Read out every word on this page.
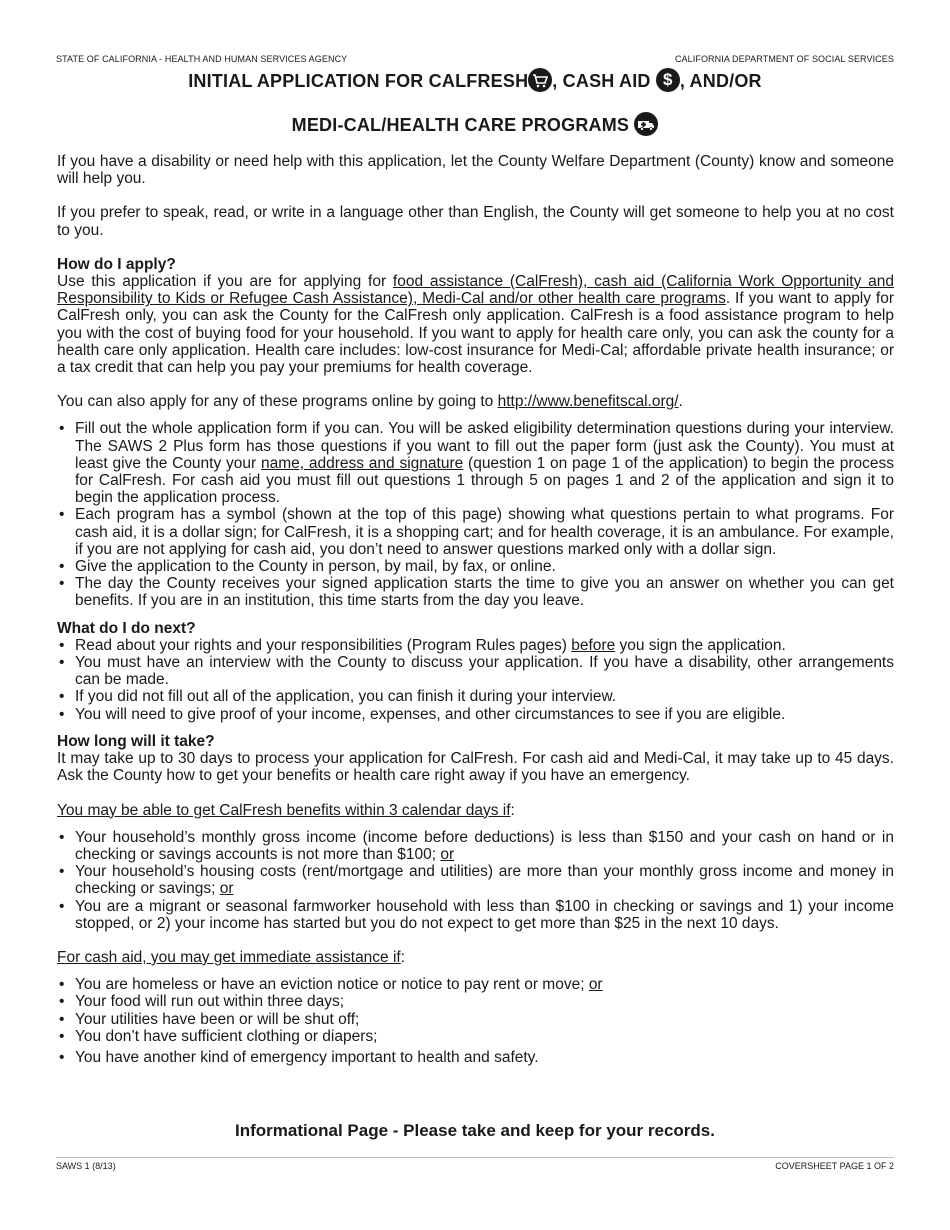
STATE OF CALIFORNIA - HEALTH AND HUMAN SERVICES AGENCY	CALIFORNIA DEPARTMENT OF SOCIAL SERVICES
INITIAL APPLICATION FOR CALFRESH , CASH AID $ , AND/OR
MEDI-CAL/HEALTH CARE PROGRAMS

If you have a disability or need help with this application, let the County Welfare Department (County) know and someone will help you.

If you prefer to speak, read, or write in a language other than English, the County will get someone to help you at no cost to you.

How do I apply?

Use this application if you are for applying for food assistance (CalFresh), cash aid (California Work Opportunity and Responsibility to Kids or Refugee Cash Assistance), Medi-Cal and/or other health care programs. If you want to apply for CalFresh only, you can ask the County for the CalFresh only application. CalFresh is a food assistance program to help you with the cost of buying food for your household. If you want to apply for health care only, you can ask the county for a health care only application. Health care includes: low-cost insurance for Medi-Cal; affordable private health insurance; or a tax credit that can help you pay your premiums for health coverage.

You can also apply for any of these programs online by going to http://www.benefitscal.org/.

• Fill out the whole application form if you can. You will be asked eligibility determination questions during your interview. The SAWS 2 Plus form has those questions if you want to fill out the paper form (just ask the County). You must at least give the County your name, address and signature (question 1 on page 1 of the application) to begin the process for CalFresh. For cash aid you must fill out questions 1 through 5 on pages 1 and 2 of the application and sign it to begin the application process.
• Each program has a symbol (shown at the top of this page) showing what questions pertain to what programs. For cash aid, it is a dollar sign; for CalFresh, it is a shopping cart; and for health coverage, it is an ambulance. For example, if you are not applying for cash aid, you don’t need to answer questions marked only with a dollar sign.
• Give the application to the County in person, by mail, by fax, or online.
• The day the County receives your signed application starts the time to give you an answer on whether you can get benefits. If you are in an institution, this time starts from the day you leave.

What do I do next?

• Read about your rights and your responsibilities (Program Rules pages) before you sign the application.
• You must have an interview with the County to discuss your application. If you have a disability, other arrangements can be made.
• If you did not fill out all of the application, you can finish it during your interview.
• You will need to give proof of your income, expenses, and other circumstances to see if you are eligible.

How long will it take?

It may take up to 30 days to process your application for CalFresh. For cash aid and Medi-Cal, it may take up to 45 days. Ask the County how to get your benefits or health care right away if you have an emergency.

You may be able to get CalFresh benefits within 3 calendar days if:

• Your household’s monthly gross income (income before deductions) is less than $150 and your cash on hand or in checking or savings accounts is not more than $100; or
• Your household’s housing costs (rent/mortgage and utilities) are more than your monthly gross income and money in checking or savings; or
• You are a migrant or seasonal farmworker household with less than $100 in checking or savings and 1) your income stopped, or 2) your income has started but you do not expect to get more than $25 in the next 10 days.

For cash aid, you may get immediate assistance if:

• You are homeless or have an eviction notice or notice to pay rent or move; or
• Your food will run out within three days;
• Your utilities have been or will be shut off;
• You don’t have sufficient clothing or diapers;
• You have another kind of emergency important to health and safety.
Informational Page - Please take and keep for your records.
SAWS 1 (8/13)	COVERSHEET PAGE 1 OF 2
